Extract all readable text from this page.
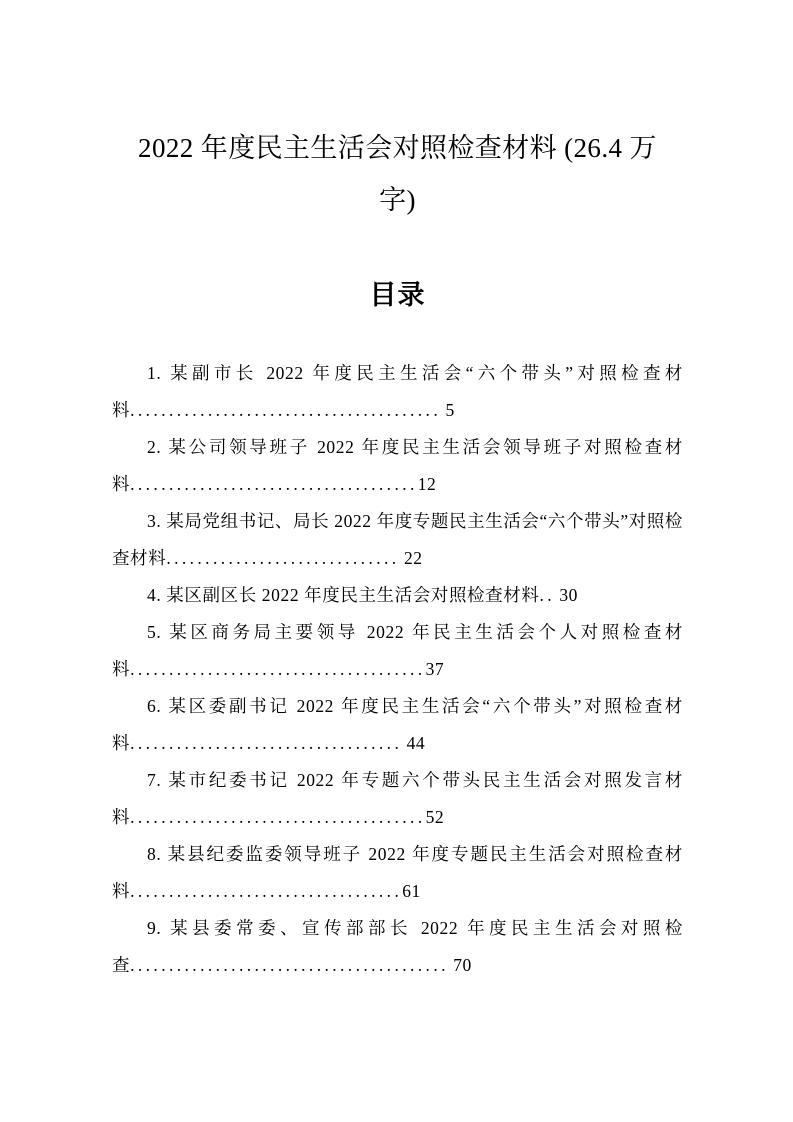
2022 年度民主生活会对照检查材料 (26.4 万
字)
目录

1. 某副市长 2022 年度民主生活会“六个带头”对照检查材料........................................ 5

2. 某公司领导班子 2022 年度民主生活会领导班子对照检查材料.....................................12

3. 某局党组书记、局长 2022 年度专题民主生活会“六个带头”对照检查材料.............................. 22

4. 某区副区长 2022 年度民主生活会对照检查材料.. 30

5. 某区商务局主要领导 2022 年民主生活会个人对照检查材料......................................37

6. 某区委副书记 2022 年度民主生活会“六个带头”对照检查材料................................... 44

7. 某市纪委书记 2022 年专题六个带头民主生活会对照发言材料......................................52

8. 某县纪委监委领导班子 2022 年度专题民主生活会对照检查材料...................................61

9. 某县委常委、宣传部部长 2022 年度民主生活会对照检查......................................... 70
